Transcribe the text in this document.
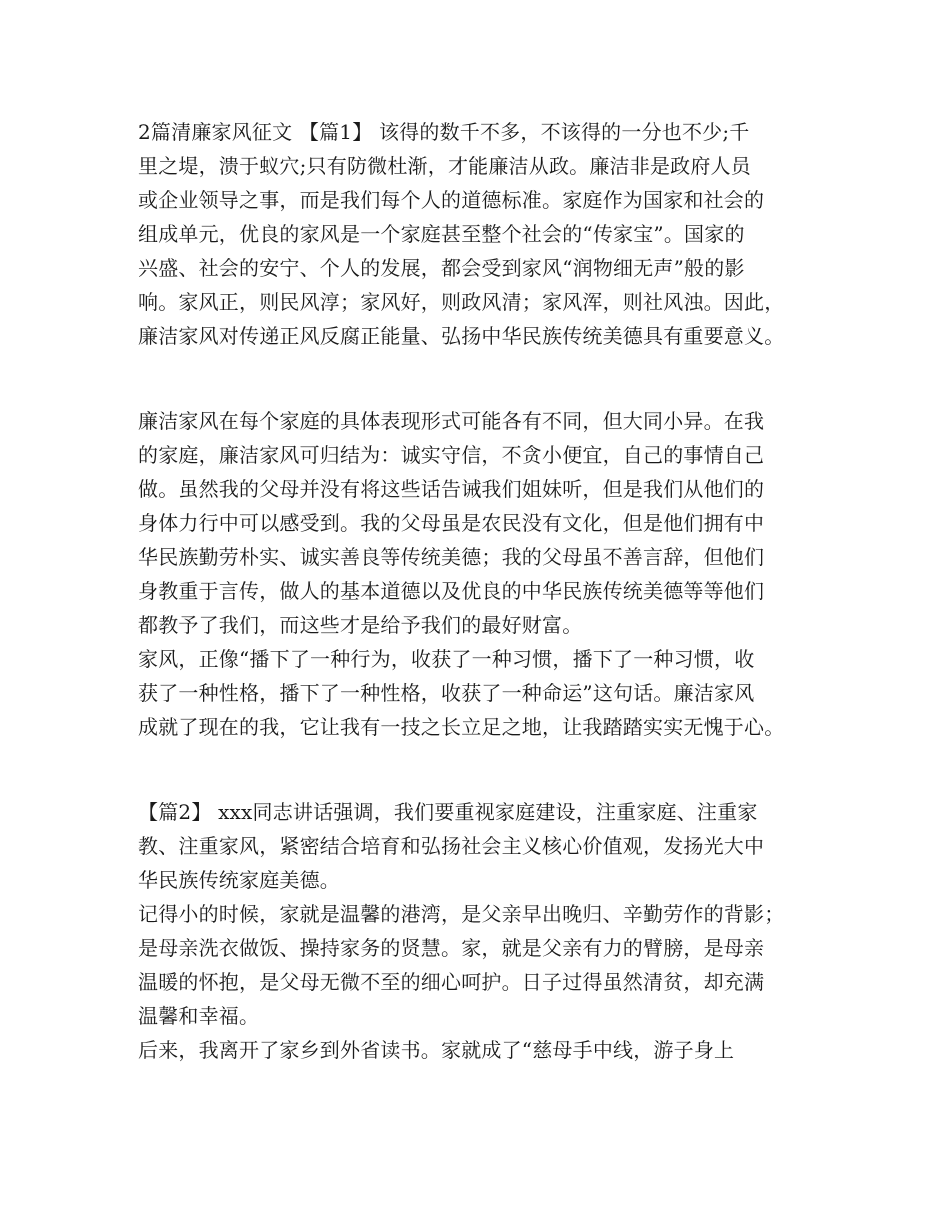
2篇清廉家风征文 【篇1】 该得的数千不多，不该得的一分也不少;千
里之堤，溃于蚁穴;只有防微杜渐，才能廉洁从政。廉洁非是政府人员
或企业领导之事，而是我们每个人的道德标准。家庭作为国家和社会的
组成单元，优良的家风是一个家庭甚至整个社会的“传家宝”。国家的
兴盛、社会的安宁、个人的发展，都会受到家风“润物细无声”般的影
响。家风正，则民风淳；家风好，则政风清；家风浑，则社风浊。因此，
廉洁家风对传递正风反腐正能量、弘扬中华民族传统美德具有重要意义。
廉洁家风在每个家庭的具体表现形式可能各有不同，但大同小异。在我
的家庭，廉洁家风可归结为：诚实守信，不贪小便宜，自己的事情自己
做。虽然我的父母并没有将这些话告诫我们姐妹听，但是我们从他们的
身体力行中可以感受到。我的父母虽是农民没有文化，但是他们拥有中
华民族勤劳朴实、诚实善良等传统美德；我的父母虽不善言辞，但他们
身教重于言传，做人的基本道德以及优良的中华民族传统美德等等他们
都教予了我们，而这些才是给予我们的最好财富。
家风，正像“播下了一种行为，收获了一种习惯，播下了一种习惯，收
获了一种性格，播下了一种性格，收获了一种命运”这句话。廉洁家风
成就了现在的我，它让我有一技之长立足之地，让我踏踏实实无愧于心。
【篇2】 xxx同志讲话强调，我们要重视家庭建设，注重家庭、注重家
教、注重家风，紧密结合培育和弘扬社会主义核心价值观，发扬光大中
华民族传统家庭美德。
记得小的时候，家就是温馨的港湾，是父亲早出晚归、辛勤劳作的背影；
是母亲洗衣做饭、操持家务的贤慧。家，就是父亲有力的臂膀，是母亲
温暖的怀抱，是父母无微不至的细心呵护。日子过得虽然清贫，却充满
温馨和幸福。
后来，我离开了家乡到外省读书。家就成了“慈母手中线，游子身上
